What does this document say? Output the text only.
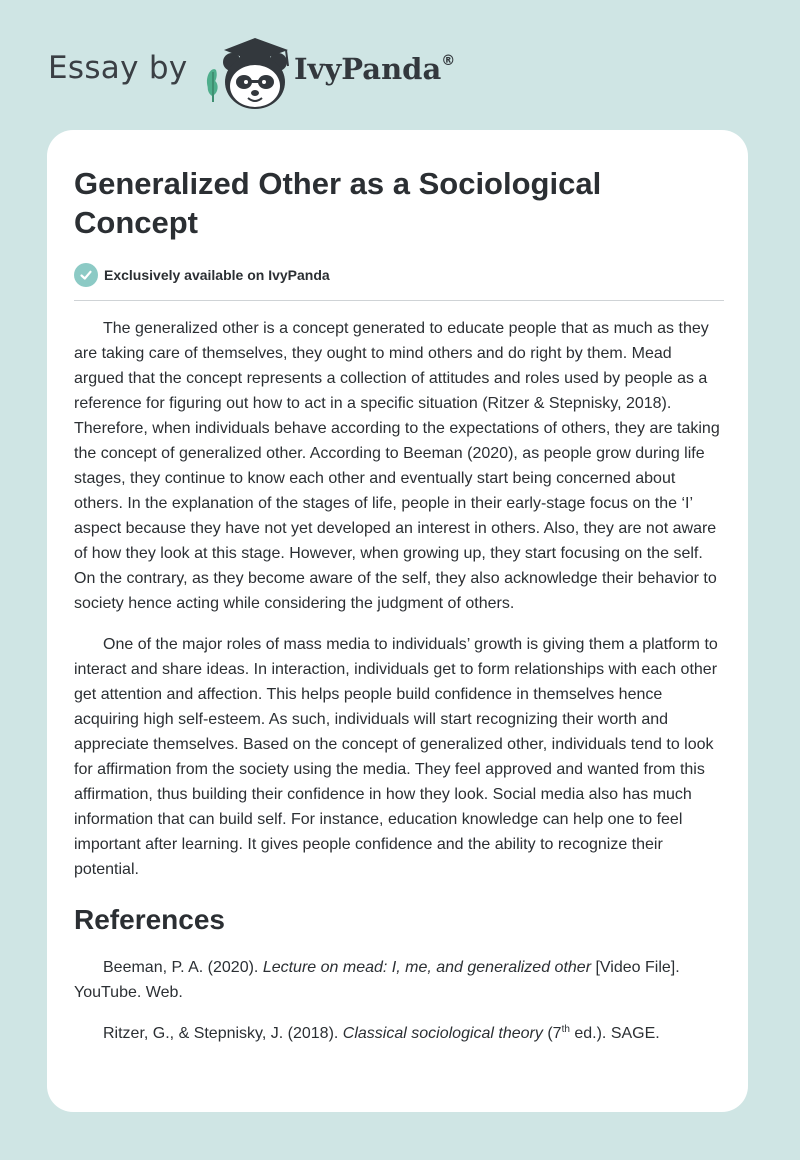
Essay by	IvyPanda®
Generalized Other as a Sociological Concept
Exclusively available on IvyPanda

The generalized other is a concept generated to educate people that as much as they are taking care of themselves, they ought to mind others and do right by them. Mead argued that the concept represents a collection of attitudes and roles used by people as a reference for figuring out how to act in a specific situation (Ritzer & Stepnisky, 2018). Therefore, when individuals behave according to the expectations of others, they are taking the concept of generalized other. According to Beeman (2020), as people grow during life stages, they continue to know each other and eventually start being concerned about others. In the explanation of the stages of life, people in their early-stage focus on the ‘I’ aspect because they have not yet developed an interest in others. Also, they are not aware of how they look at this stage. However, when growing up, they start focusing on the self. On the contrary, as they become aware of the self, they also acknowledge their behavior to society hence acting while considering the judgment of others.

One of the major roles of mass media to individuals’ growth is giving them a platform to interact and share ideas. In interaction, individuals get to form relationships with each other get attention and affection. This helps people build confidence in themselves hence acquiring high self-esteem. As such, individuals will start recognizing their worth and appreciate themselves. Based on the concept of generalized other, individuals tend to look for affirmation from the society using the media. They feel approved and wanted from this affirmation, thus building their confidence in how they look. Social media also has much information that can build self. For instance, education knowledge can help one to feel important after learning. It gives people confidence and the ability to recognize their potential.

References

Beeman, P. A. (2020). Lecture on mead: I, me, and generalized other [Video File]. YouTube. Web.

Ritzer, G., & Stepnisky, J. (2018). Classical sociological theory (7th ed.). SAGE.
